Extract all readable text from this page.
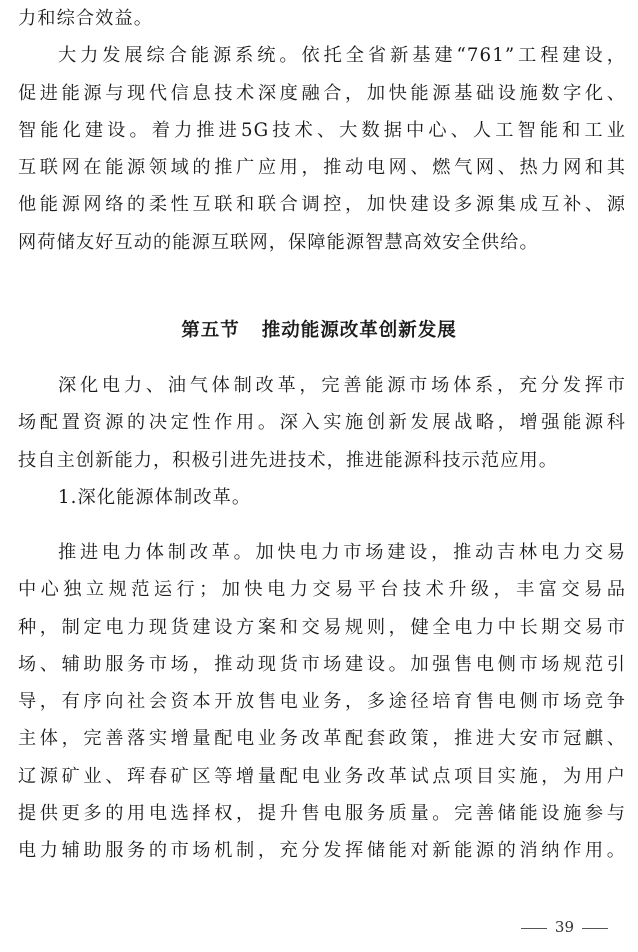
力和综合效益。
大力发展综合能源系统。依托全省新基建“761”工程建设，
促进能源与现代信息技术深度融合，加快能源基础设施数字化、
智能化建设。着力推进5G技术、大数据中心、人工智能和工业
互联网在能源领域的推广应用，推动电网、燃气网、热力网和其
他能源网络的柔性互联和联合调控，加快建设多源集成互补、源
网荷储友好互动的能源互联网，保障能源智慧高效安全供给。
第五节 推动能源改革创新发展
深化电力、油气体制改革，完善能源市场体系，充分发挥市
场配置资源的决定性作用。深入实施创新发展战略，增强能源科
技自主创新能力，积极引进先进技术，推进能源科技示范应用。
1.深化能源体制改革。
推进电力体制改革。加快电力市场建设，推动吉林电力交易
中心独立规范运行；加快电力交易平台技术升级，丰富交易品
种，制定电力现货建设方案和交易规则，健全电力中长期交易市
场、辅助服务市场，推动现货市场建设。加强售电侧市场规范引
导，有序向社会资本开放售电业务，多途径培育售电侧市场竞争
主体，完善落实增量配电业务改革配套政策，推进大安市冠麒、
辽源矿业、珲春矿区等增量配电业务改革试点项目实施，为用户
提供更多的用电选择权，提升售电服务质量。完善储能设施参与
电力辅助服务的市场机制，充分发挥储能对新能源的消纳作用。
39
